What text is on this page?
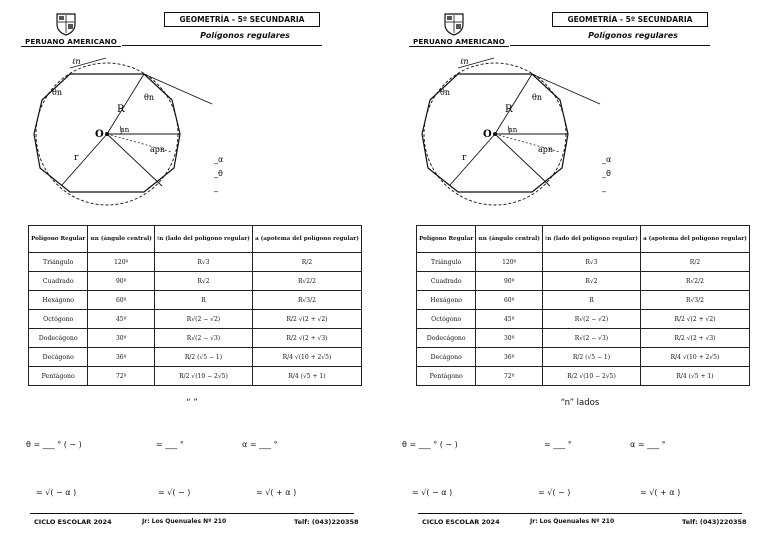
PERUANO AMERICANO
GEOMETRÍA - 5º SECUNDARIA
Polígonos regulares
ℓn
θn
θn
R
O αn
r
apn
_α
_θ
_
Polígono Regular	αn (ángulo central)	ℓn (lado del polígono regular)	a (apotema del polígono regular)
Triángulo	120º	R√3	R/2
Cuadrado	90º	R√2	R√2/2
Hexágono	60º	R	R√3/2
Octógono	45º	R√(2 − √2)	R/2 √(2 + √2)
Dodecágono	30º	R√(2 − √3)	R/2 √(2 + √3)
Decágono	36º	R/2 (√5 − 1)	R/4 √(10 + 2√5)
Pentágono	72º	R/2 √(10 − 2√5)	R/4 (√5 + 1)
“ ”
θ = ___ ° ( − )	= ___ °	α = ___ °
= √( − α )	= √( − )	= √( + α )
CICLO ESCOLAR 2024	Jr: Los Quenuales Nº 210	Telf: (043)220358
PERUANO AMERICANO
GEOMETRÍA - 5º SECUNDARIA
Polígonos regulares
ℓn
θn
θn
R
O αn
r
apn
_α
_θ
_
Polígono Regular	αn (ángulo central)	ℓn (lado del polígono regular)	a (apotema del polígono regular)
Triángulo	120º	R√3	R/2
Cuadrado	90º	R√2	R√2/2
Hexágono	60º	R	R√3/2
Octógono	45º	R√(2 − √2)	R/2 √(2 + √2)
Dodecágono	30º	R√(2 − √3)	R/2 √(2 + √3)
Decágono	36º	R/2 (√5 − 1)	R/4 √(10 + 2√5)
Pentágono	72º	R/2 √(10 − 2√5)	R/4 (√5 + 1)
“n” lados
θ = ___ ° ( − )	= ___ °	α = ___ °
= √( − α )	= √( − )	= √( + α )
CICLO ESCOLAR 2024	Jr: Los Quenuales Nº 210	Telf: (043)220358
